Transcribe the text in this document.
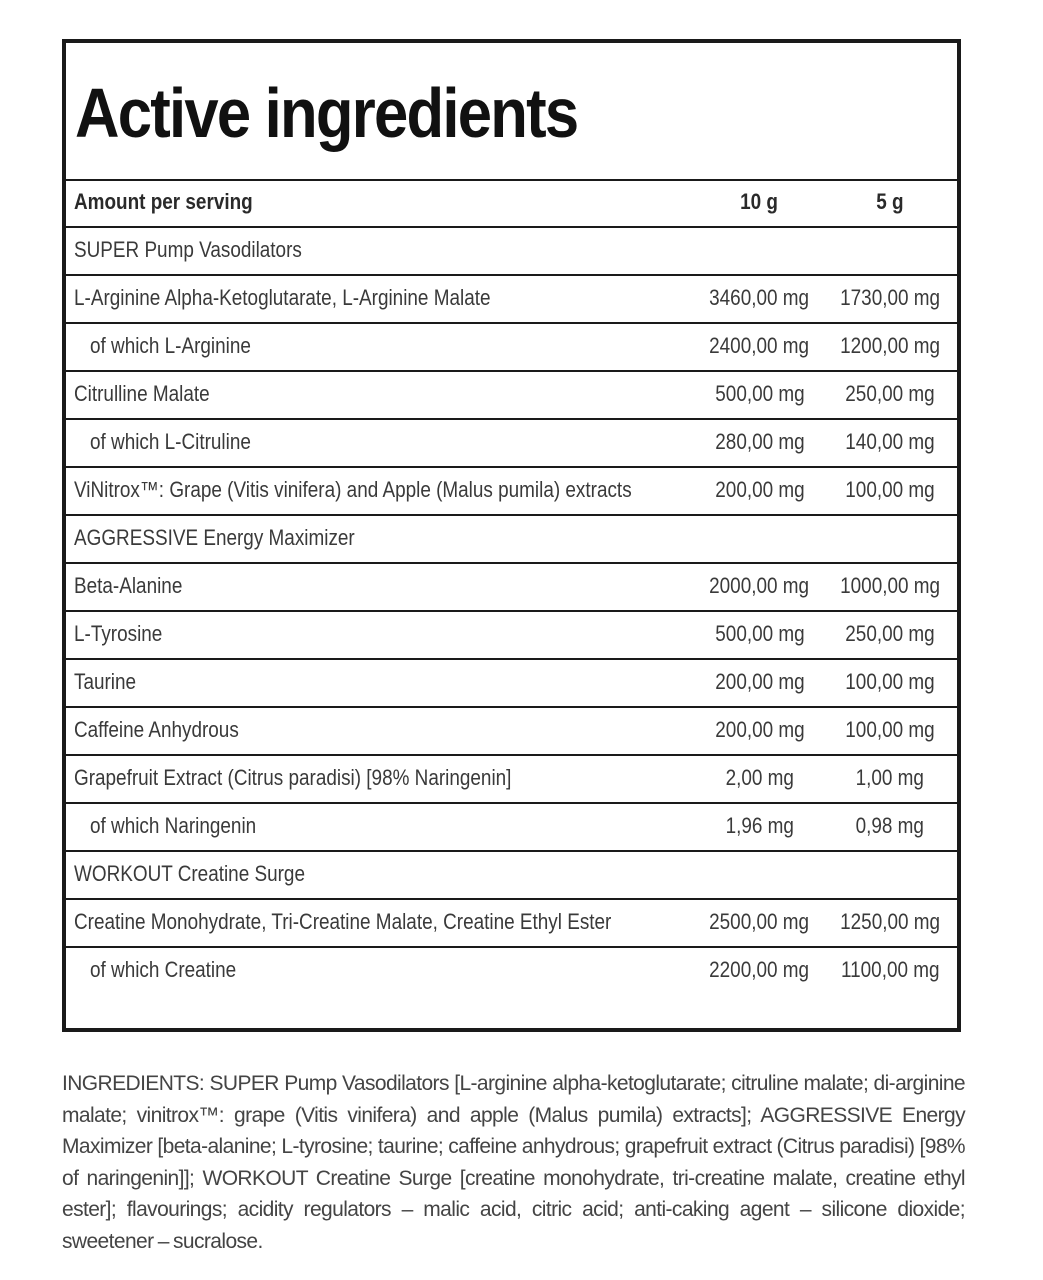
Active ingredients
Amount per serving	10 g	5 g
SUPER Pump Vasodilators		
L-Arginine Alpha-Ketoglutarate, L-Arginine Malate	3460,00 mg	1730,00 mg
of which L-Arginine	2400,00 mg	1200,00 mg
Citrulline Malate	500,00 mg	250,00 mg
of which L-Citruline	280,00 mg	140,00 mg
ViNitrox™: Grape (Vitis vinifera) and Apple (Malus pumila) extracts	200,00 mg	100,00 mg
AGGRESSIVE Energy Maximizer		
Beta-Alanine	2000,00 mg	1000,00 mg
L-Tyrosine	500,00 mg	250,00 mg
Taurine	200,00 mg	100,00 mg
Caffeine Anhydrous	200,00 mg	100,00 mg
Grapefruit Extract (Citrus paradisi) [98% Naringenin]	2,00 mg	1,00 mg
of which Naringenin	1,96 mg	0,98 mg
WORKOUT Creatine Surge		
Creatine Monohydrate, Tri-Creatine Malate, Creatine Ethyl Ester	2500,00 mg	1250,00 mg
of which Creatine	2200,00 mg	1100,00 mg

INGREDIENTS: SUPER Pump Vasodilators [L-arginine alpha-ketoglutarate; citruline malate; di-arginine malate; vinitrox™: grape (Vitis vinifera) and apple (Malus pumila) extracts]; AGGRESSIVE Energy Maximizer [beta-alanine; L-tyrosine; taurine; caffeine anhydrous; grapefruit extract (Citrus paradisi) [98% of naringenin]]; WORKOUT Creatine Surge [creatine monohydrate, tri-creatine malate, creatine ethyl ester]; flavourings; acidity regulators – malic acid, citric acid; anti-caking agent – silicone dioxide; sweetener – sucralose.
